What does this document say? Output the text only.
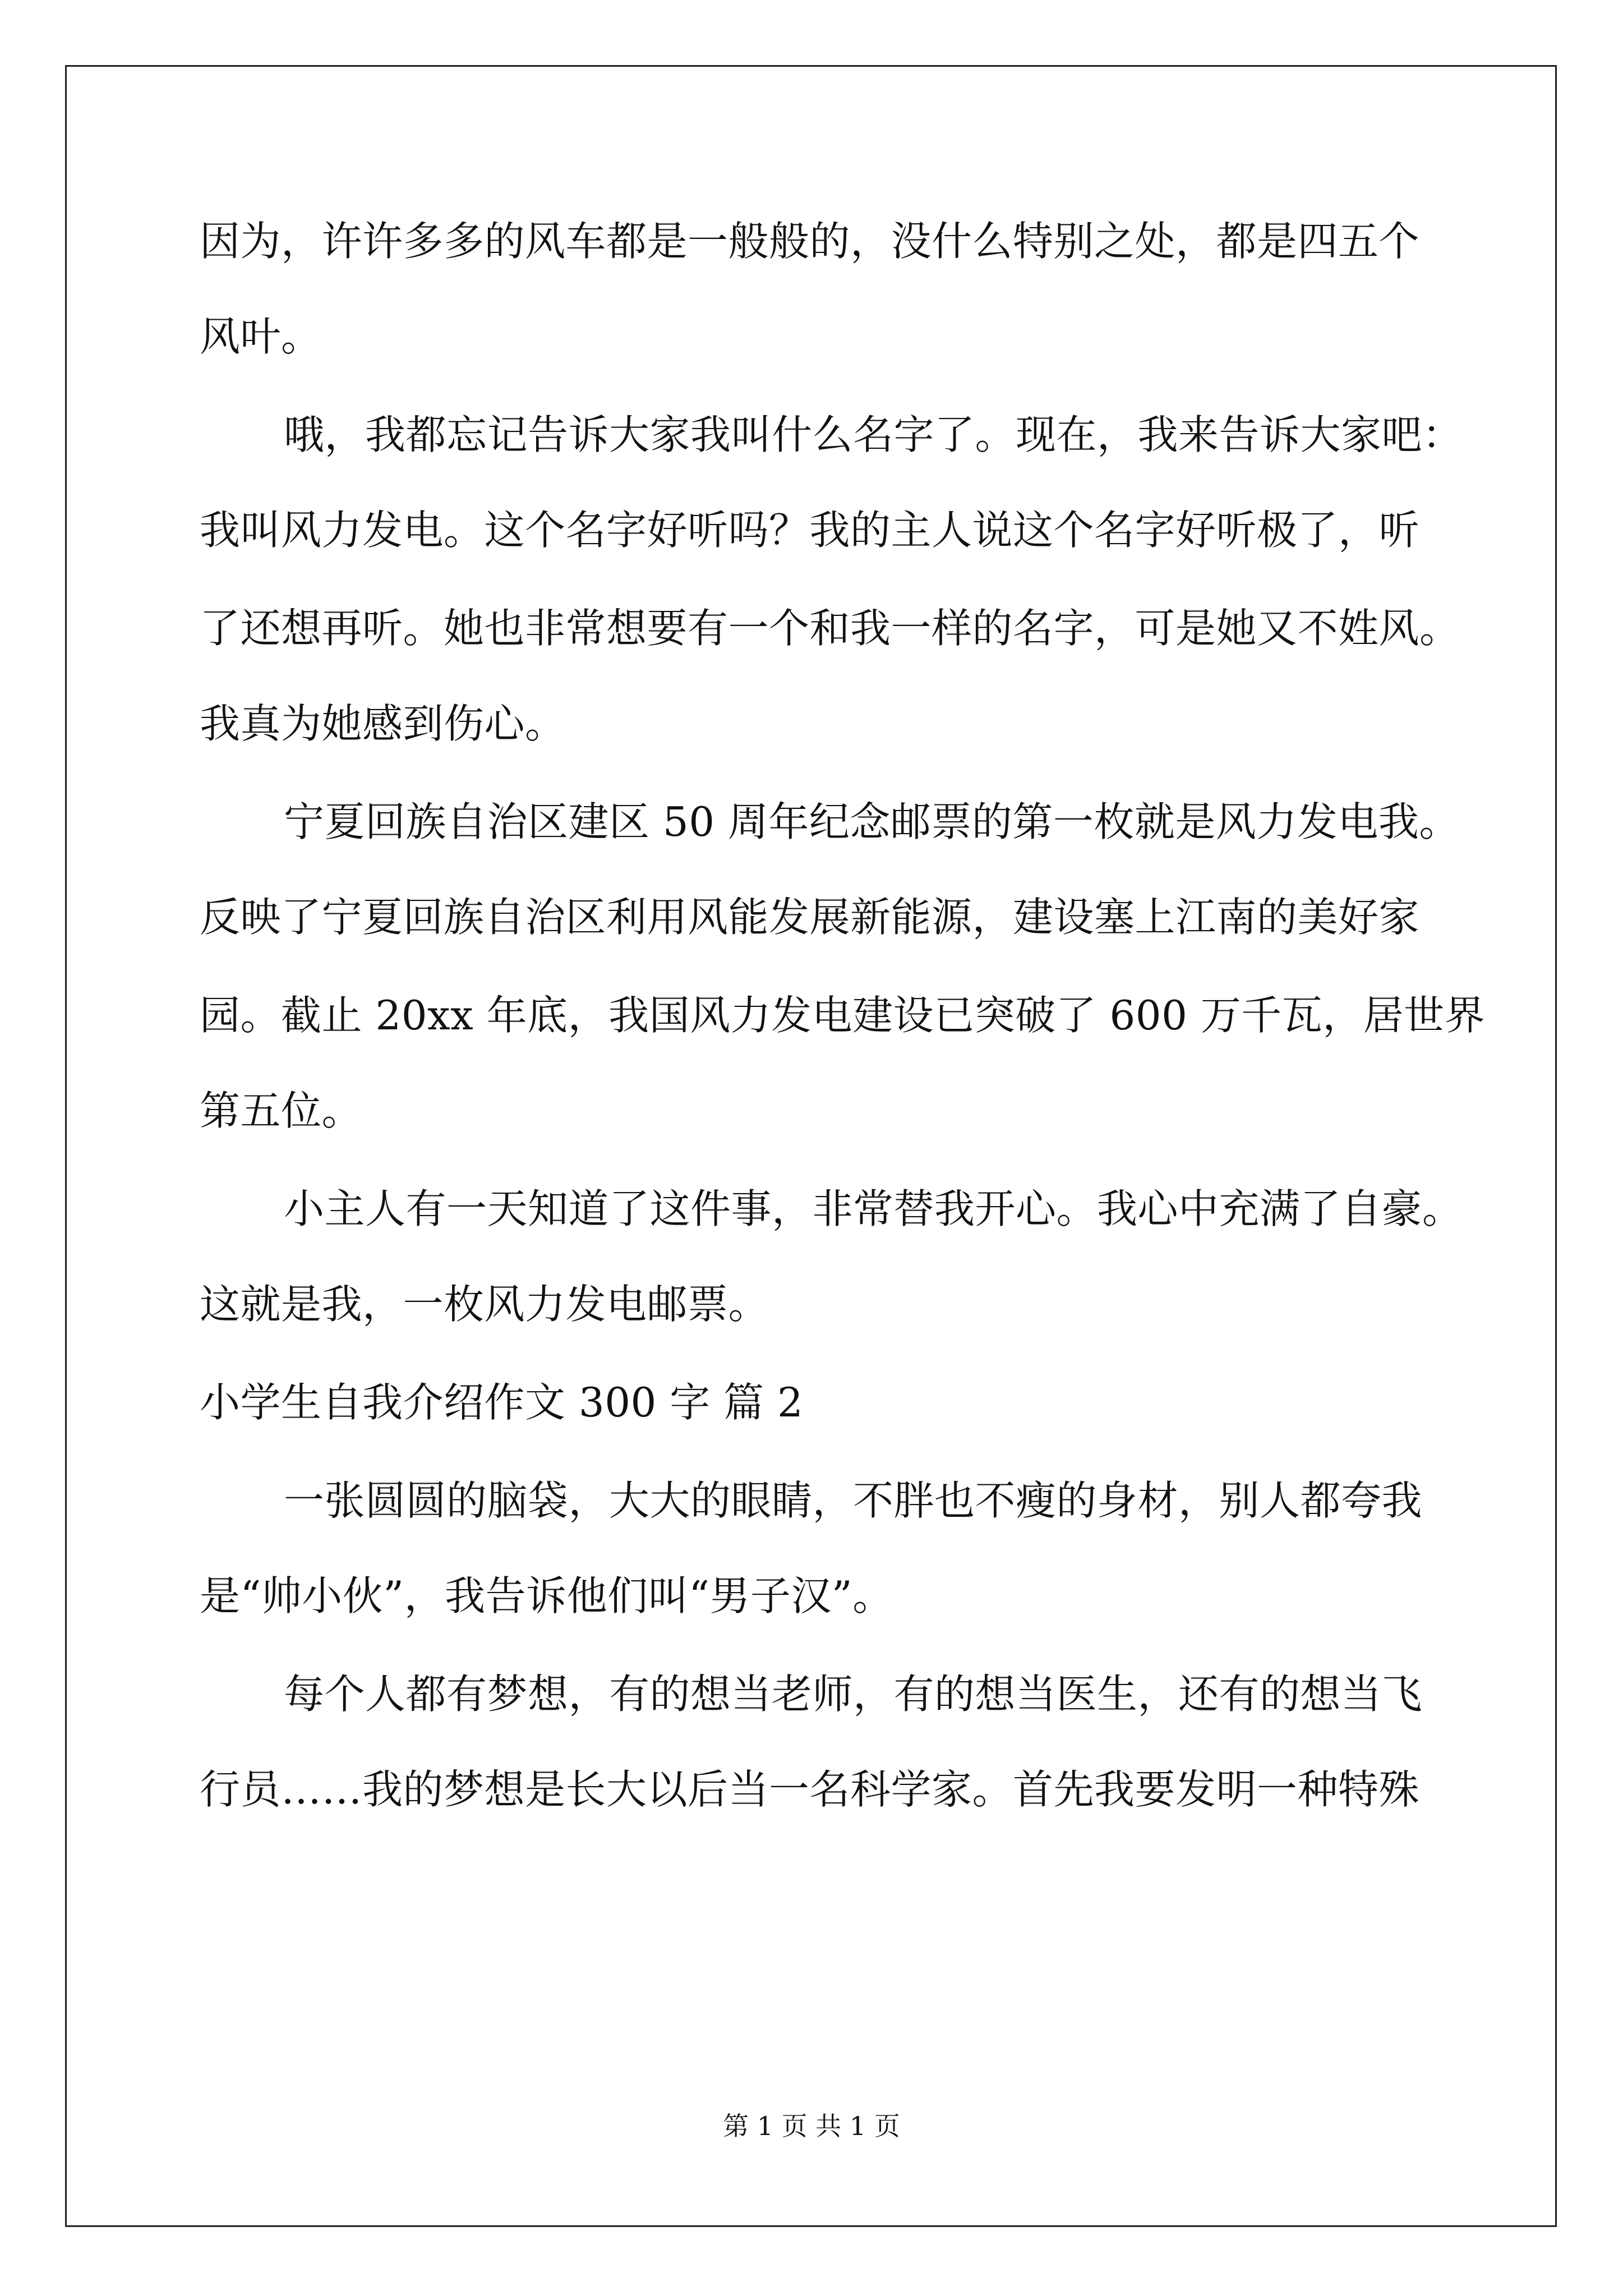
因为，许许多多的风车都是一般般的，没什么特别之处，都是四五个
风叶。
哦，我都忘记告诉大家我叫什么名字了。现在，我来告诉大家吧：
我叫风力发电。这个名字好听吗？我的主人说这个名字好听极了，听
了还想再听。她也非常想要有一个和我一样的名字，可是她又不姓风。
我真为她感到伤心。
宁夏回族自治区建区 50 周年纪念邮票的第一枚就是风力发电我。
反映了宁夏回族自治区利用风能发展新能源，建设塞上江南的美好家
园。截止 20xx 年底，我国风力发电建设已突破了 600 万千瓦，居世界
第五位。
小主人有一天知道了这件事，非常替我开心。我心中充满了自豪。
这就是我，一枚风力发电邮票。
小学生自我介绍作文 300 字 篇 2
一张圆圆的脑袋，大大的眼睛，不胖也不瘦的身材，别人都夸我
是“帅小伙”，我告诉他们叫“男子汉”。
每个人都有梦想，有的想当老师，有的想当医生，还有的想当飞
行员……我的梦想是长大以后当一名科学家。首先我要发明一种特殊
第 1 页 共 1 页
